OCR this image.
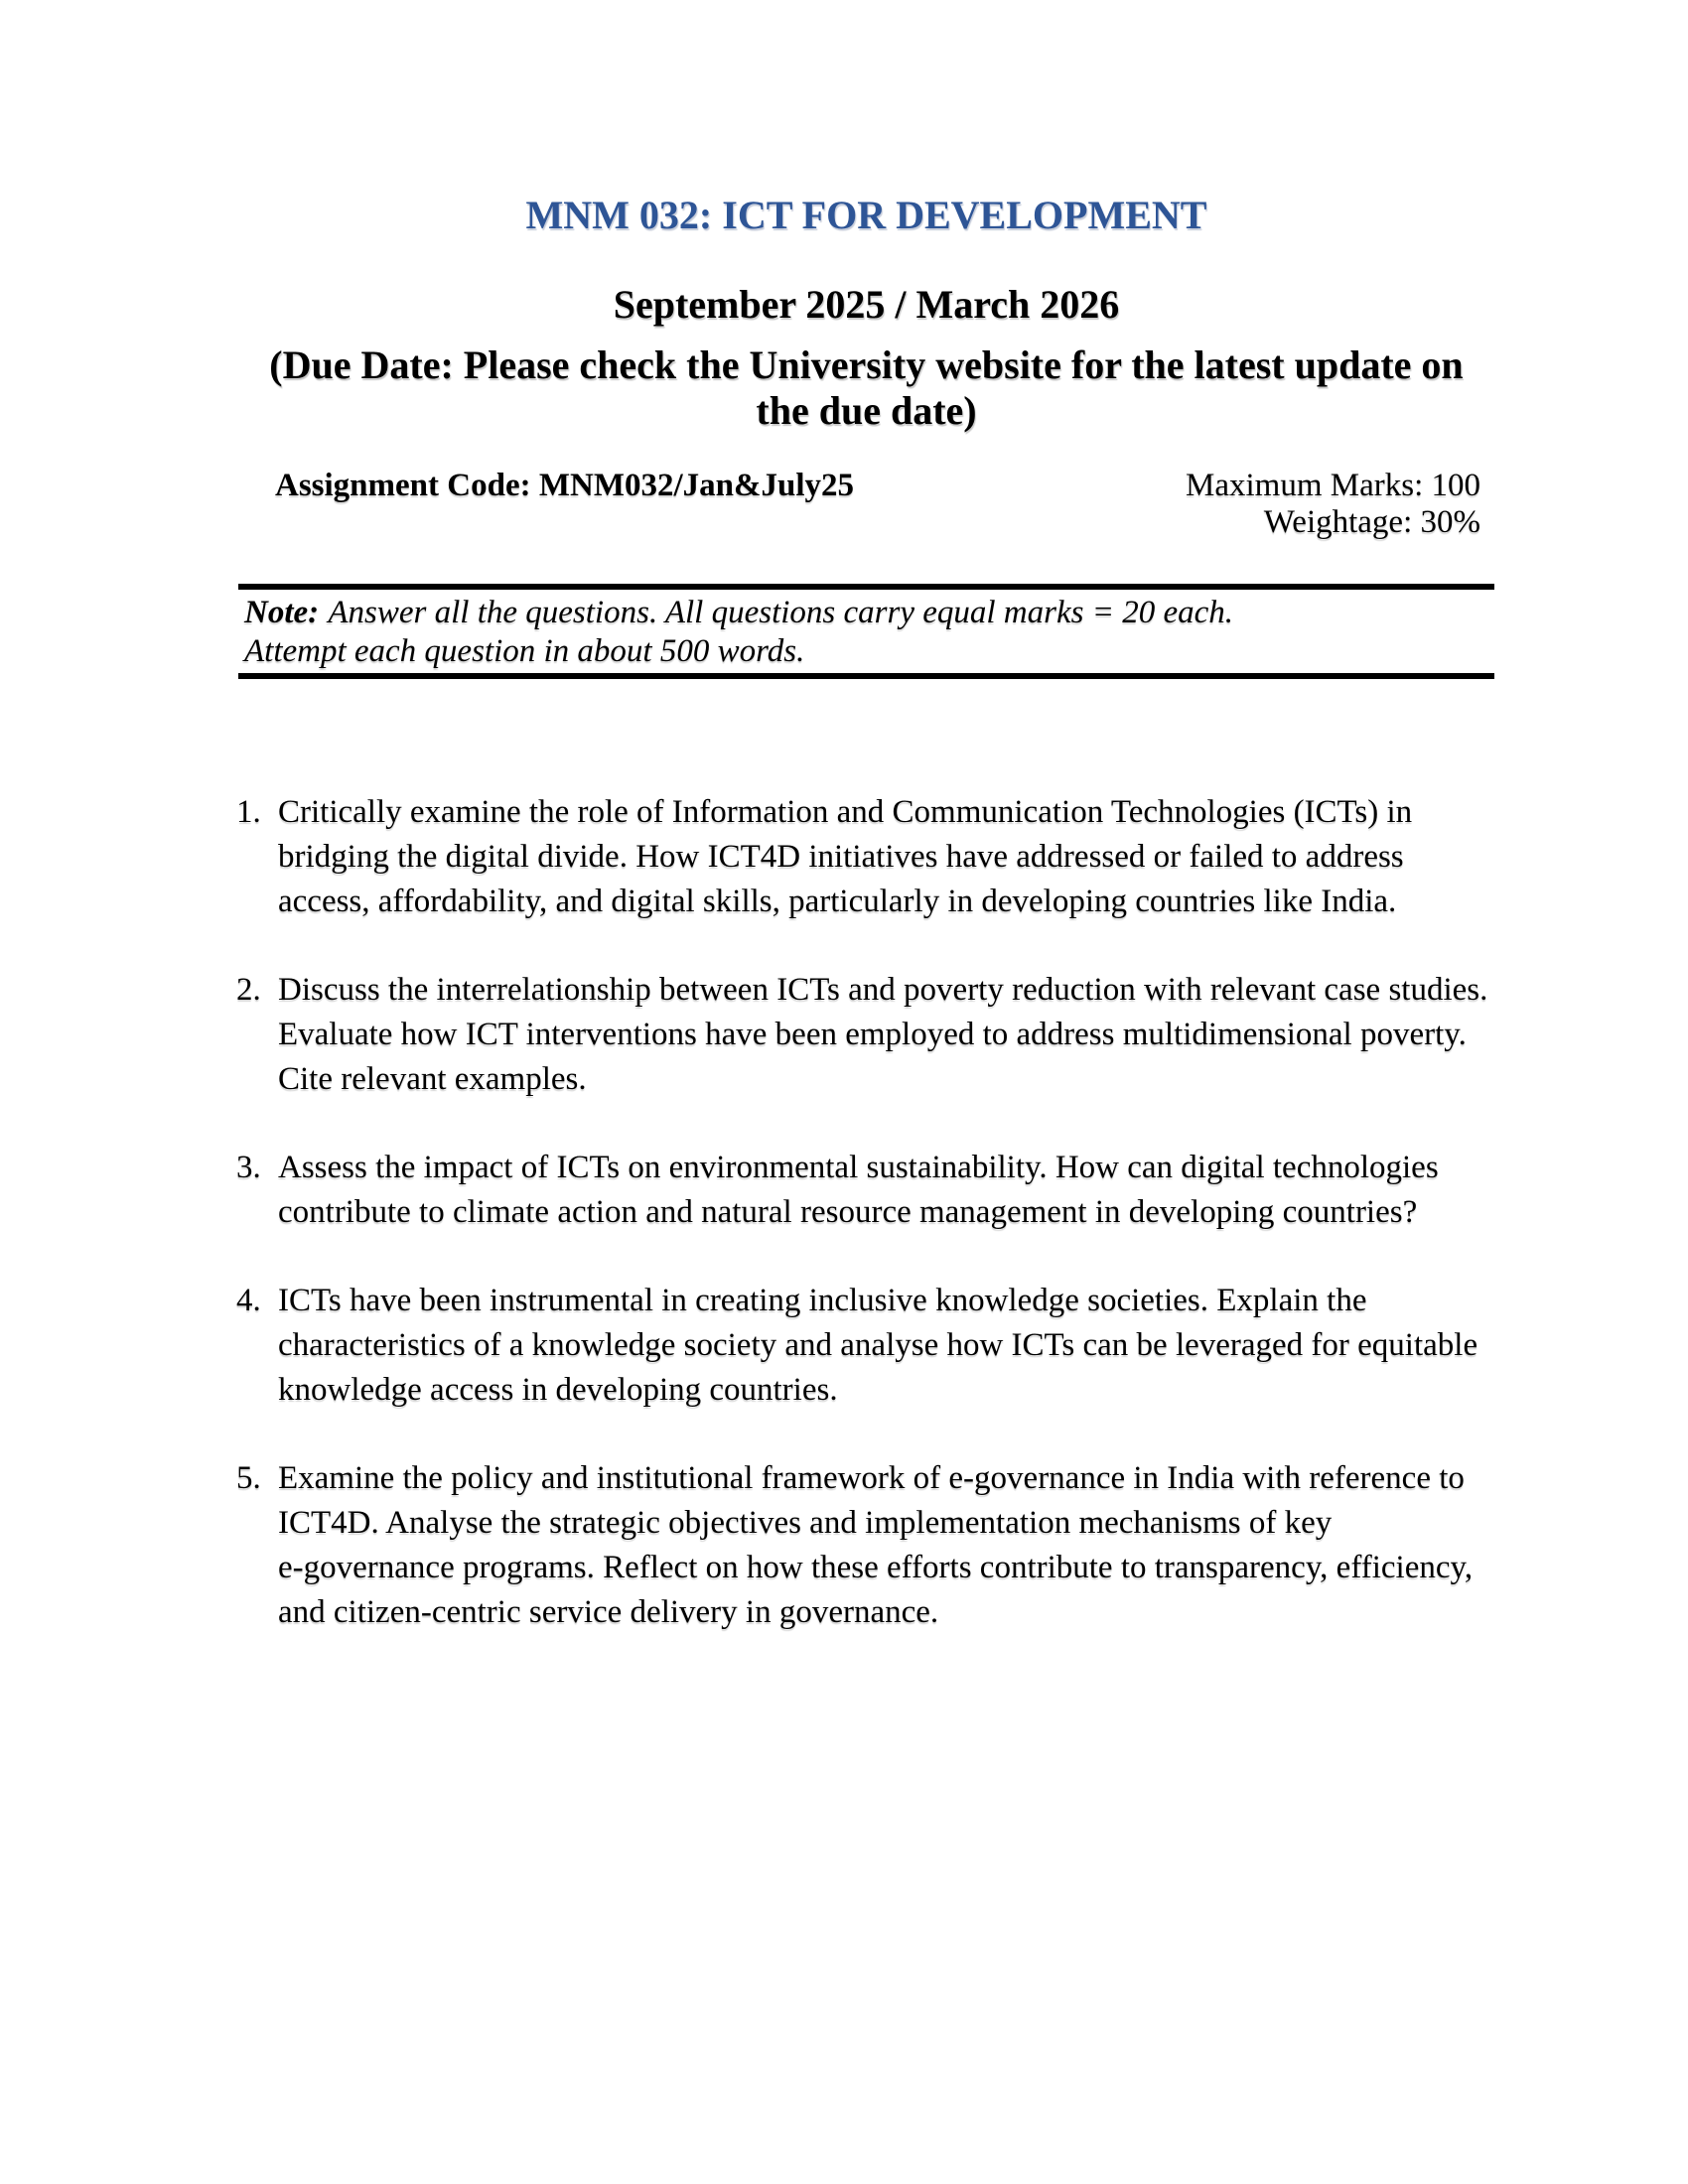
MNM 032: ICT FOR DEVELOPMENT
September 2025 / March 2026
(Due Date: Please check the University website for the latest update on
the due date)
Assignment Code: MNM032/Jan&July25	Maximum Marks: 100
Weightage: 30%

Note: Answer all the questions. All questions carry equal marks = 20 each.

Attempt each question in about 500 words.

1. Critically examine the role of Information and Communication Technologies (ICTs) in
bridging the digital divide. How ICT4D initiatives have addressed or failed to address
access, affordability, and digital skills, particularly in developing countries like India.
2. Discuss the interrelationship between ICTs and poverty reduction with relevant case studies.
Evaluate how ICT interventions have been employed to address multidimensional poverty.
Cite relevant examples.
3. Assess the impact of ICTs on environmental sustainability. How can digital technologies
contribute to climate action and natural resource management in developing countries?
4. ICTs have been instrumental in creating inclusive knowledge societies. Explain the
characteristics of a knowledge society and analyse how ICTs can be leveraged for equitable
knowledge access in developing countries.
5. Examine the policy and institutional framework of e-governance in India with reference to
ICT4D. Analyse the strategic objectives and implementation mechanisms of key
e-governance programs. Reflect on how these efforts contribute to transparency, efficiency,
and citizen-centric service delivery in governance.
